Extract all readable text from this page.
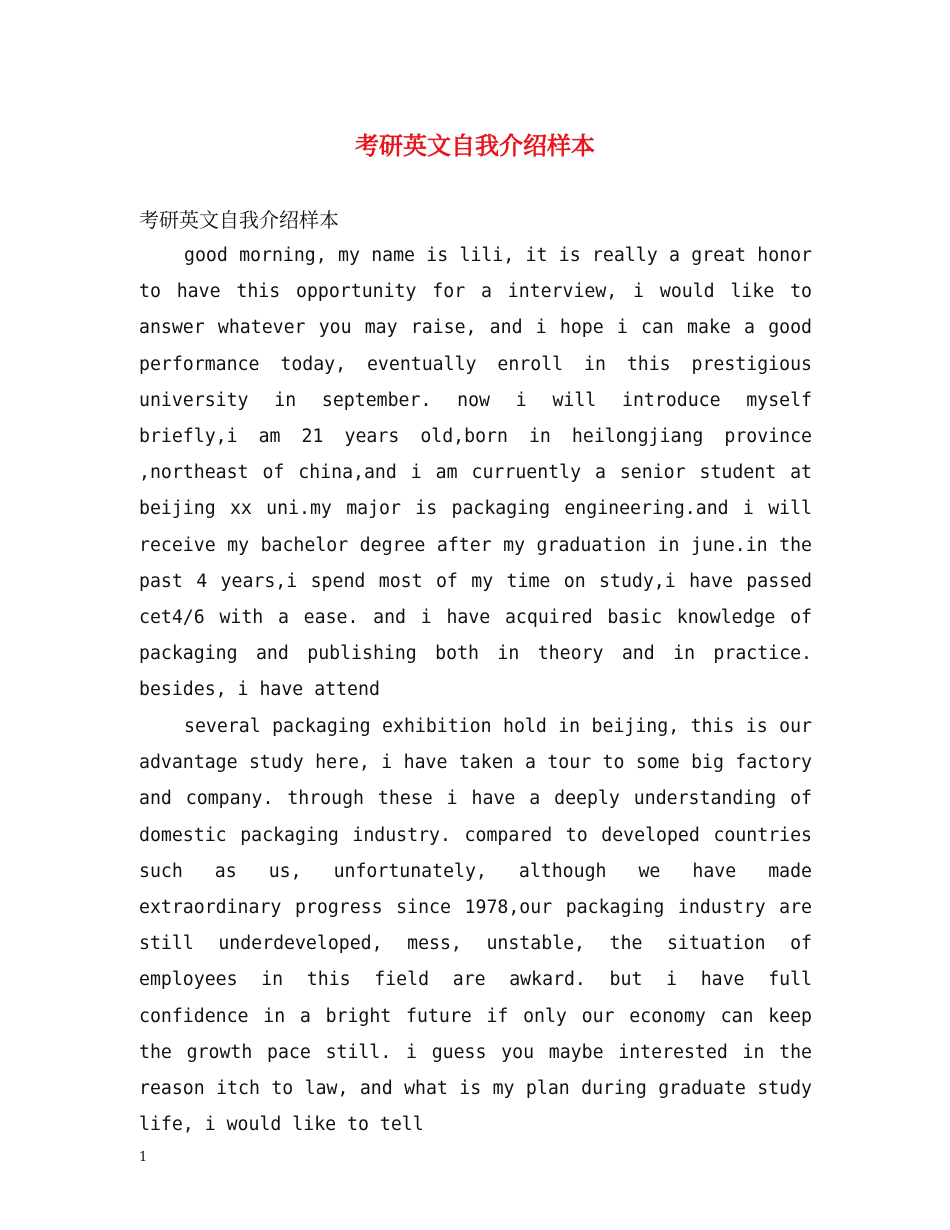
考研英文自我介绍样本
考研英文自我介绍样本
good morning, my name is lili, it is really a great honor to have this opportunity for a interview, i would like to answer whatever you may raise, and i hope i can make a good performance today, eventually enroll in this prestigious university in september. now i will introduce myself briefly,i am 21 years old,born in heilongjiang province ,northeast of china,and i am curruently a senior student at beijing xx uni.my major is packaging engineering.and i will receive my bachelor degree after my graduation in june.in the past 4 years,i spend most of my time on study,i have passed cet4/6 with a ease. and i have acquired basic knowledge of packaging and publishing both in theory and in practice. besides, i have attend
several packaging exhibition hold in beijing, this is our advantage study here, i have taken a tour to some big factory and company. through these i have a deeply understanding of domestic packaging industry. compared to developed countries such as us, unfortunately, although we have made extraordinary progress since 1978,our packaging industry are still underdeveloped, mess, unstable, the situation of employees in this field are awkard. but i have full confidence in a bright future if only our economy can keep the growth pace still. i guess you maybe interested in the reason itch to law, and what is my plan during graduate study life, i would like to tell
1
